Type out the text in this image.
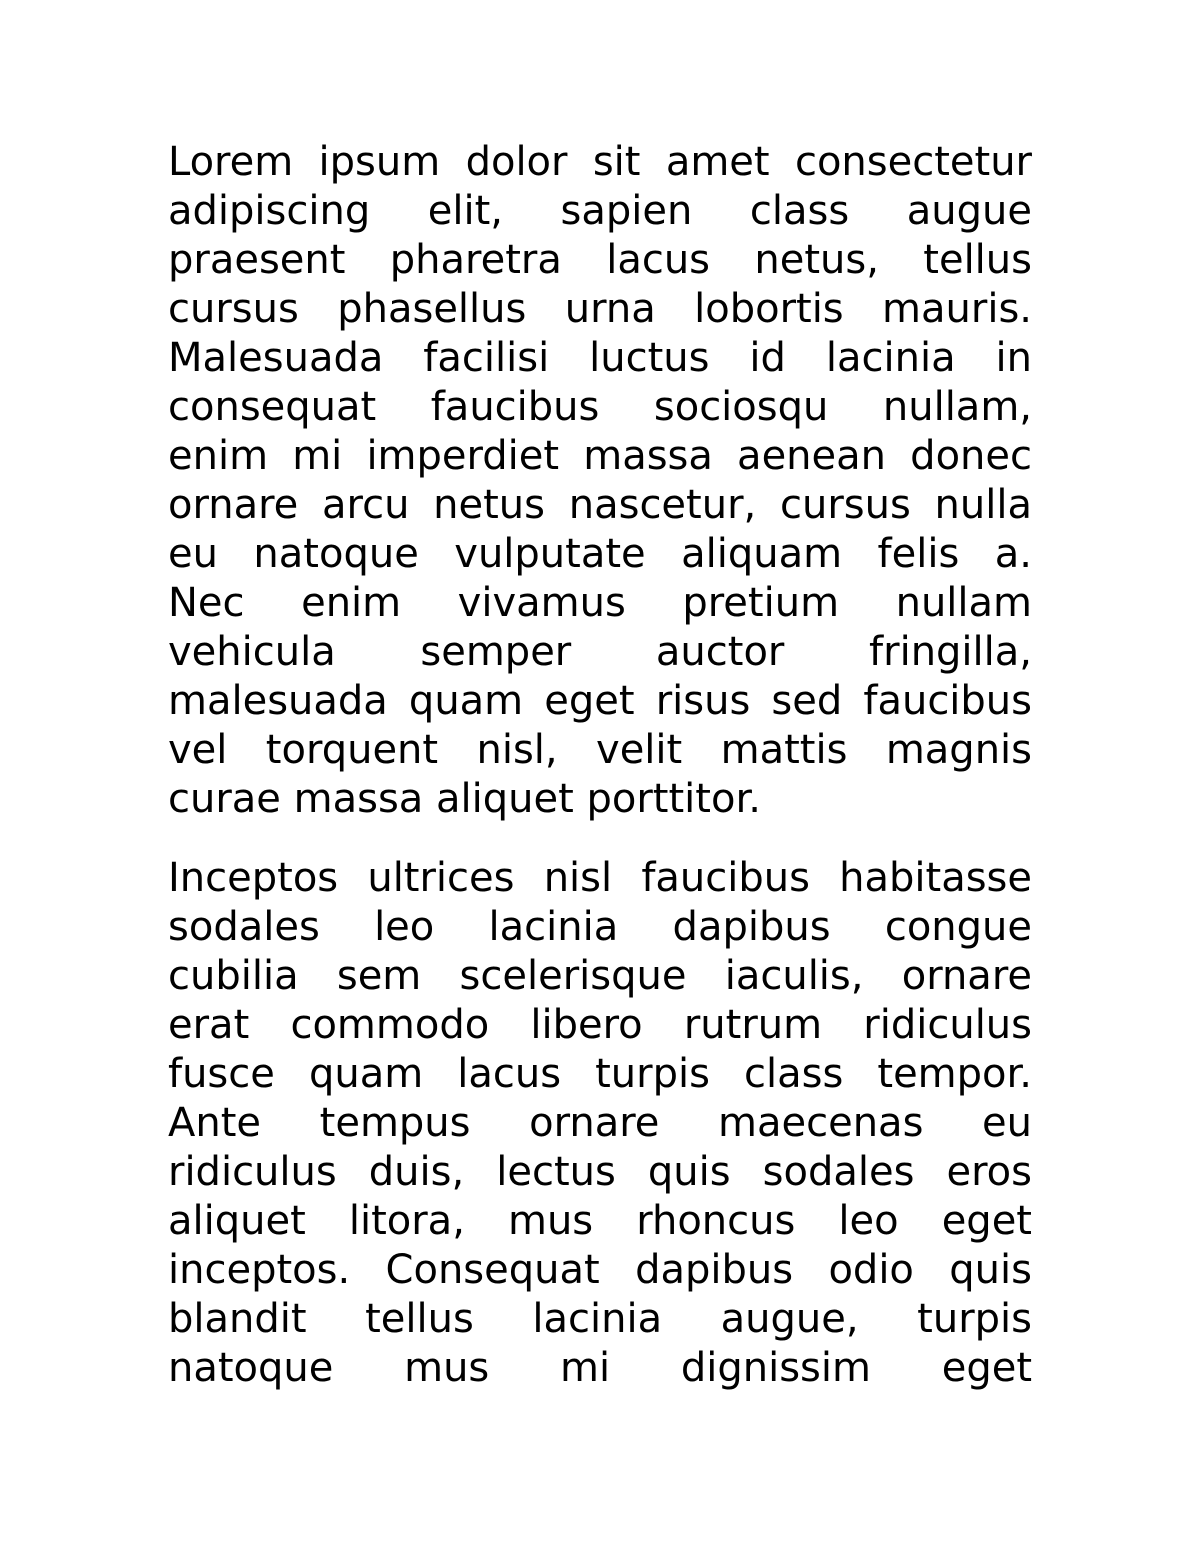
Lorem ipsum dolor sit amet consectetur
adipiscing elit, sapien class augue
praesent pharetra lacus netus, tellus
cursus phasellus urna lobortis mauris.
Malesuada facilisi luctus id lacinia in
consequat faucibus sociosqu nullam,
enim mi imperdiet massa aenean donec
ornare arcu netus nascetur, cursus nulla
eu natoque vulputate aliquam felis a.
Nec enim vivamus pretium nullam
vehicula semper auctor fringilla,
malesuada quam eget risus sed faucibus
vel torquent nisl, velit mattis magnis
curae massa aliquet porttitor.
Inceptos ultrices nisl faucibus habitasse
sodales leo lacinia dapibus congue
cubilia sem scelerisque iaculis, ornare
erat commodo libero rutrum ridiculus
fusce quam lacus turpis class tempor.
Ante tempus ornare maecenas eu
ridiculus duis, lectus quis sodales eros
aliquet litora, mus rhoncus leo eget
inceptos. Consequat dapibus odio quis
blandit tellus lacinia augue, turpis
natoque mus mi dignissim eget
